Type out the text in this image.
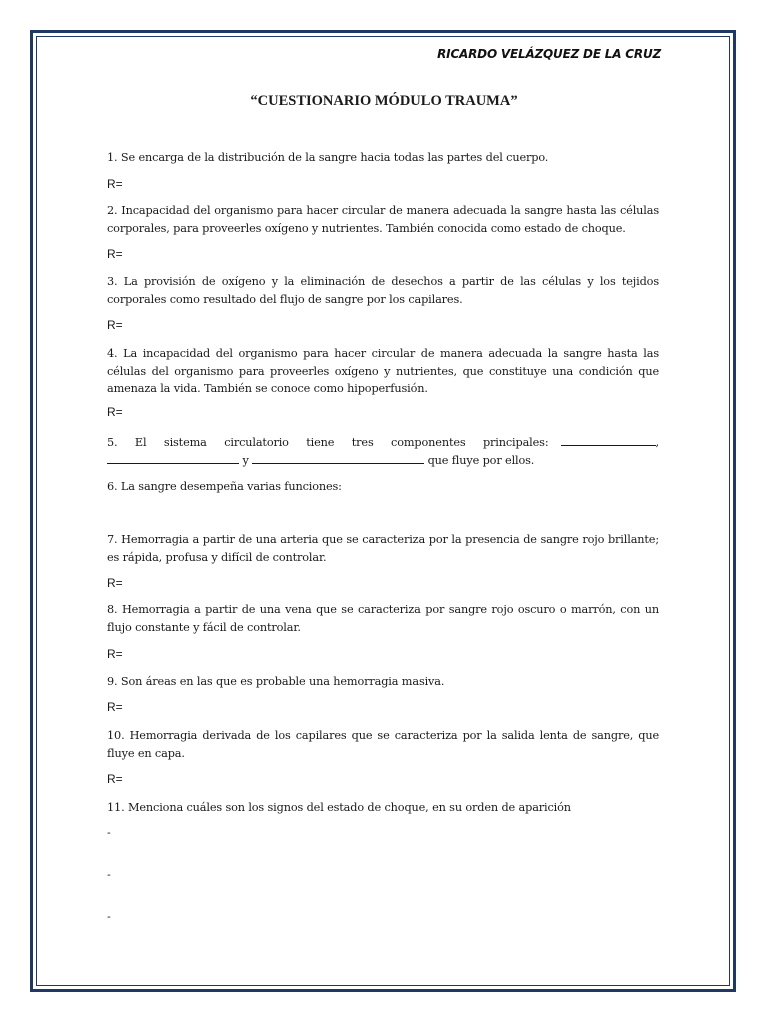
RICARDO VELÁZQUEZ DE LA CRUZ
“CUESTIONARIO MÓDULO TRAUMA”
1. Se encarga de la distribución de la sangre hacia todas las partes del cuerpo.
R=
2. Incapacidad del organismo para hacer circular de manera adecuada la sangre hasta las células corporales, para proveerles oxígeno y nutrientes. También conocida como estado de choque.
R=
3. La provisión de oxígeno y la eliminación de desechos a partir de las células y los tejidos corporales como resultado del flujo de sangre por los capilares.
R=
4. La incapacidad del organismo para hacer circular de manera adecuada la sangre hasta las células del organismo para proveerles oxígeno y nutrientes, que constituye una condición que amenaza la vida. También se conoce como hipoperfusión.
R=
5. El sistema circulatorio tiene tres componentes principales:	,
y	que fluye por ellos.
6. La sangre desempeña varias funciones:
7. Hemorragia a partir de una arteria que se caracteriza por la presencia de sangre rojo brillante; es rápida, profusa y difícil de controlar.
R=
8. Hemorragia a partir de una vena que se caracteriza por sangre rojo oscuro o marrón, con un flujo constante y fácil de controlar.
R=
9. Son áreas en las que es probable una hemorragia masiva.
R=
10. Hemorragia derivada de los capilares que se caracteriza por la salida lenta de sangre, que fluye en capa.
R=
11. Menciona cuáles son los signos del estado de choque, en su orden de aparición
-
-
-
